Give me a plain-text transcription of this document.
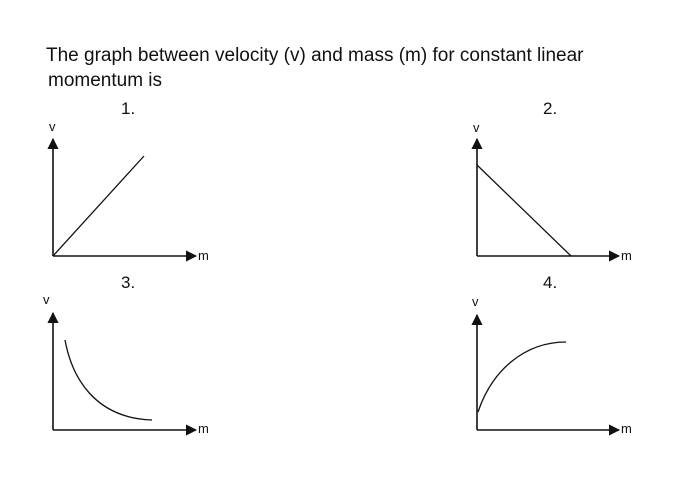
The graph between velocity (v) and mass (m) for constant linear
momentum is
1.	2.
3.	4.
v
m
v
m
v
m
v
m
